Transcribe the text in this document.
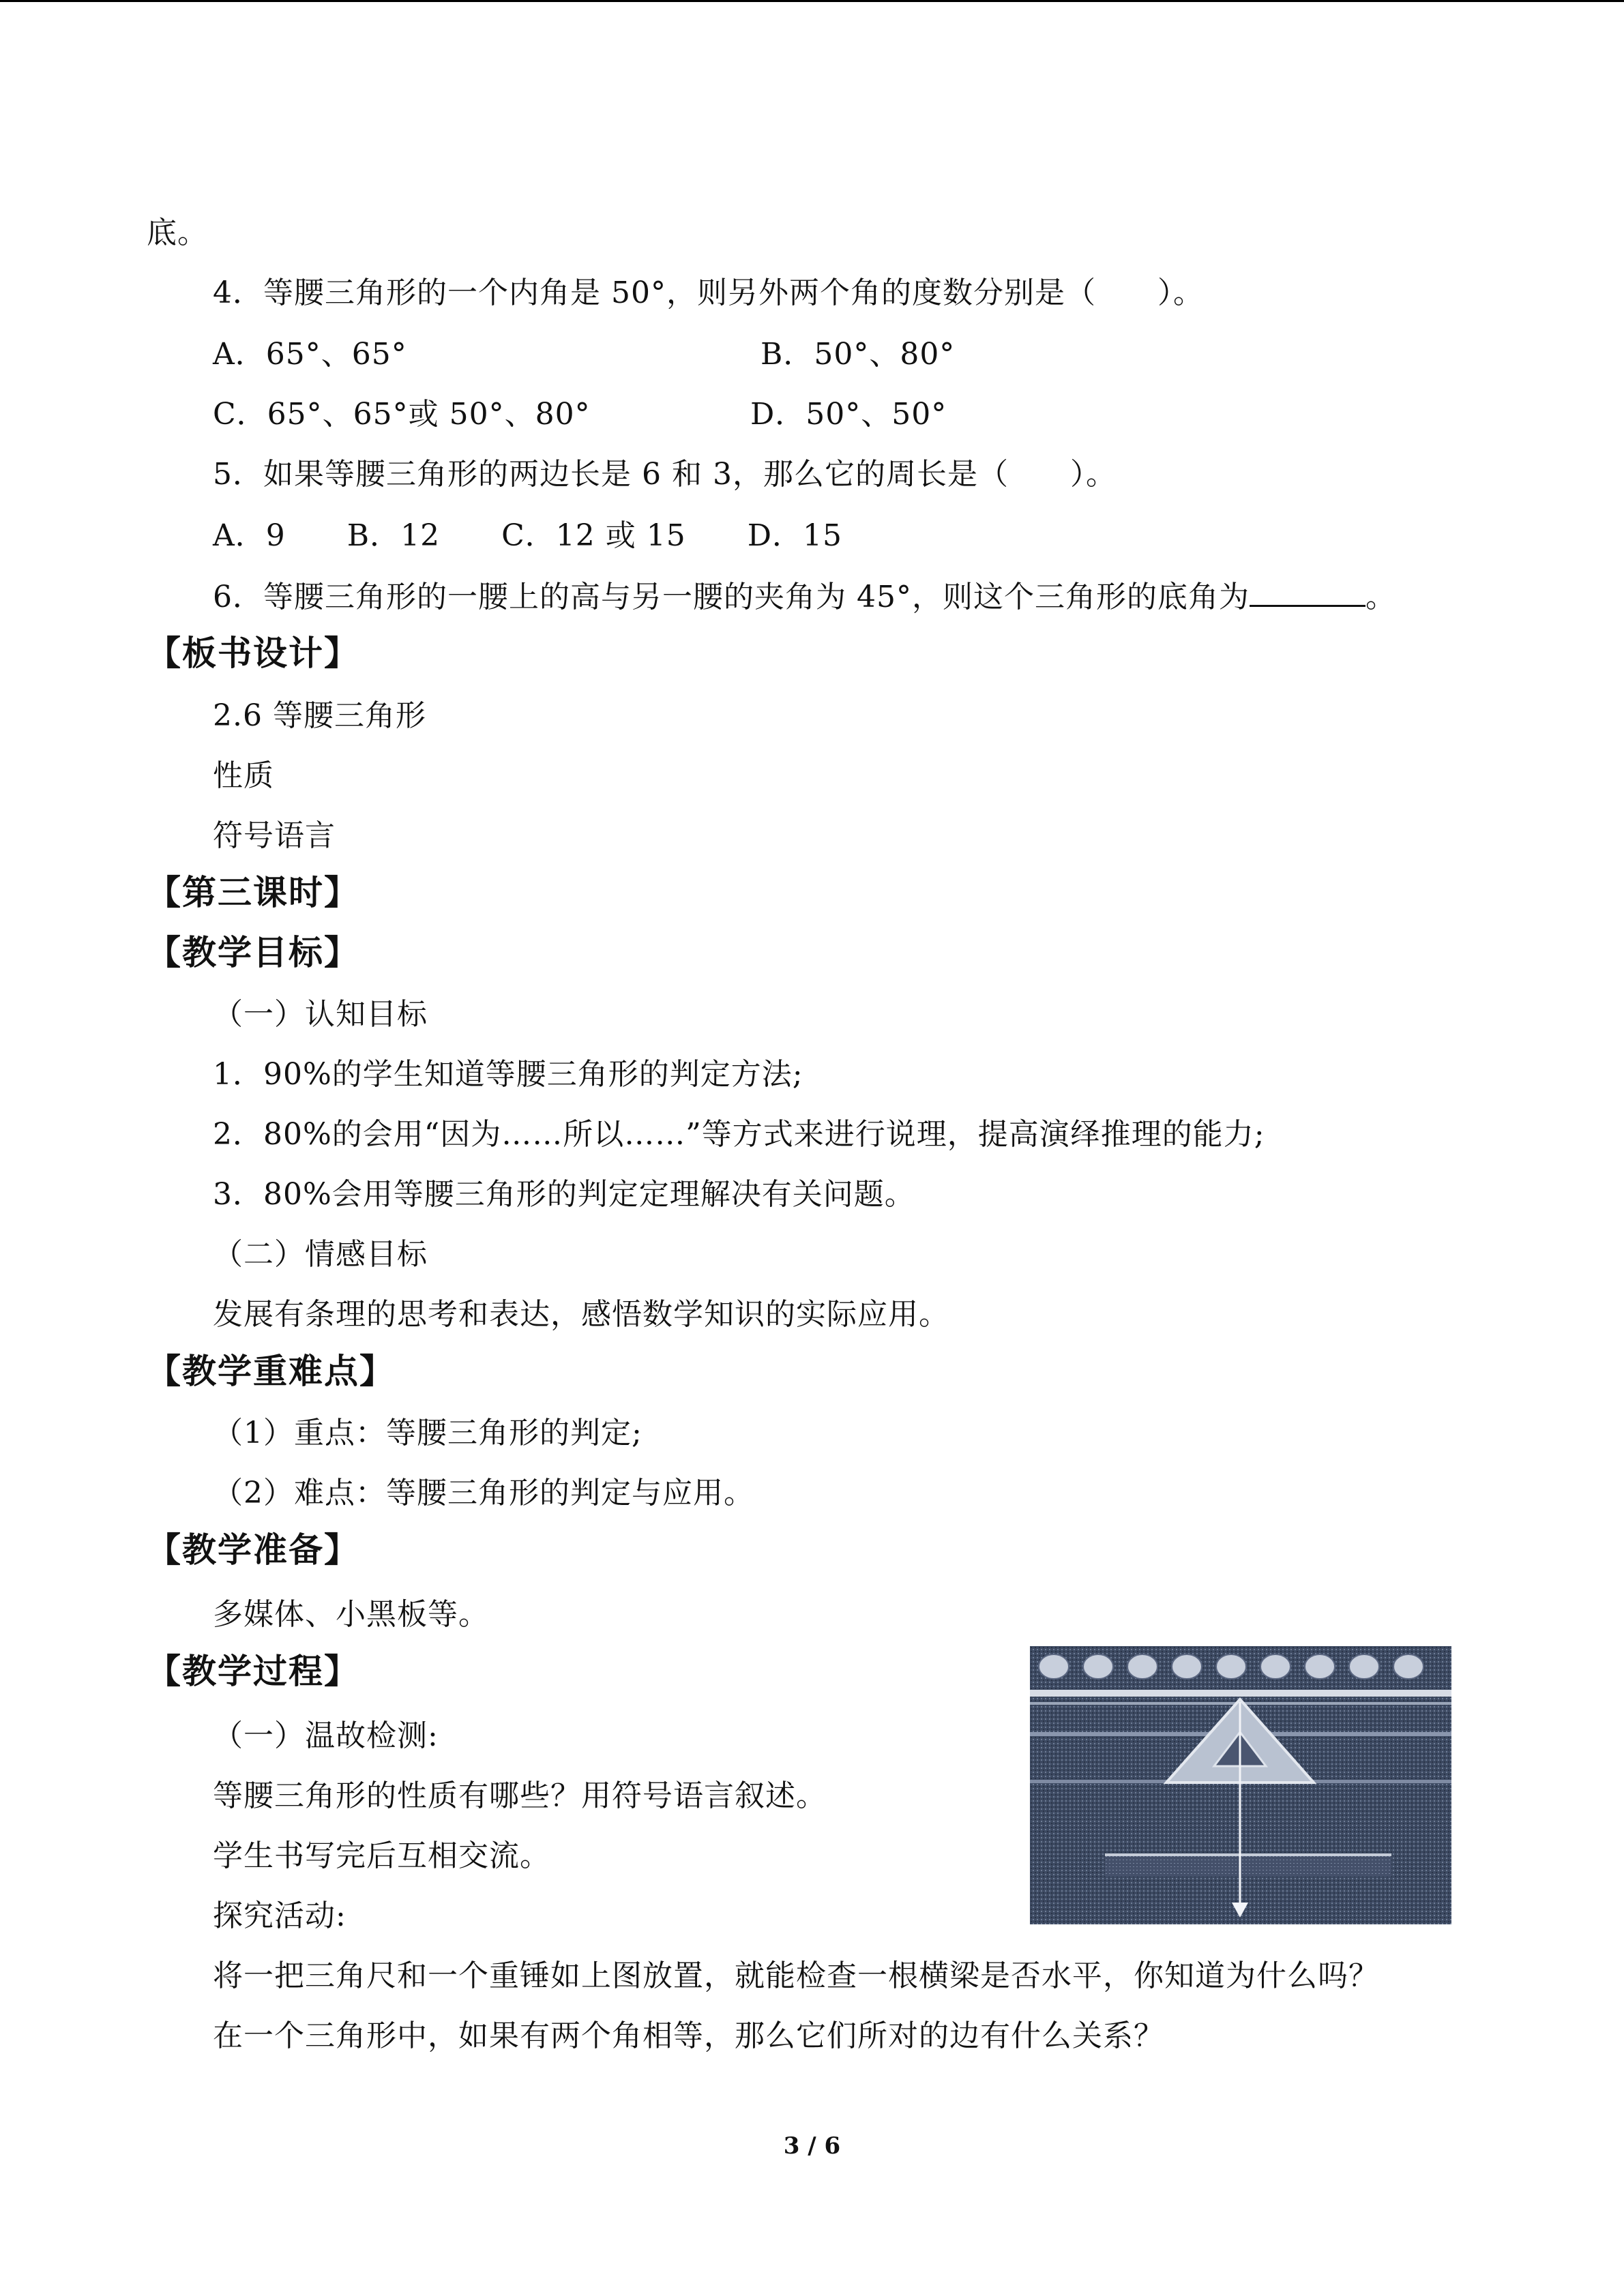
底。
4．等腰三角形的一个内角是 50°，则另外两个角的度数分别是（　　）。
A．65°、65°	B．50°、80°
C．65°、65°或 50°、80°	D．50°、50°
5．如果等腰三角形的两边长是 6 和 3，那么它的周长是（　　）。
A．9　　B．12　　C．12 或 15　　D．15
6．等腰三角形的一腰上的高与另一腰的夹角为 45°，则这个三角形的底角为	。
【板书设计】
2.6 等腰三角形
性质
符号语言
【第三课时】
【教学目标】
（一）认知目标
1．90%的学生知道等腰三角形的判定方法;
2．80%的会用“因为……所以……”等方式来进行说理，提高演绎推理的能力;
3．80%会用等腰三角形的判定定理解决有关问题。
（二）情感目标
发展有条理的思考和表达，感悟数学知识的实际应用。
【教学重难点】
（1）重点：等腰三角形的判定;
（2）难点：等腰三角形的判定与应用。
【教学准备】
多媒体、小黑板等。
【教学过程】
（一）温故检测:
等腰三角形的性质有哪些？用符号语言叙述。
学生书写完后互相交流。
探究活动:
将一把三角尺和一个重锤如上图放置，就能检查一根横梁是否水平，你知道为什么吗？
在一个三角形中，如果有两个角相等，那么它们所对的边有什么关系？
3 / 6
